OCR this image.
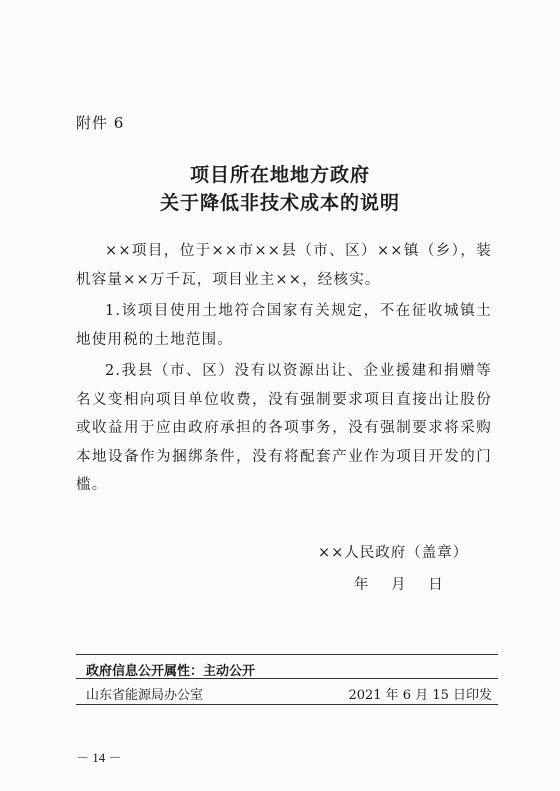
附件 6
项目所在地地方政府
关于降低非技术成本的说明

××项目，位于××市××县（市、区）××镇（乡），装机容量××万千瓦，项目业主××，经核实。

1.该项目使用土地符合国家有关规定，不在征收城镇土地使用税的土地范围。

2.我县（市、区）没有以资源出让、企业援建和捐赠等名义变相向项目单位收费，没有强制要求项目直接出让股份或收益用于应由政府承担的各项事务，没有强制要求将采购本地设备作为捆绑条件，没有将配套产业作为项目开发的门槛。

××人民政府（盖章）
年 月 日
政府信息公开属性：主动公开
山东省能源局办公室	2021 年 6 月 15 日印发
－ 14 －
